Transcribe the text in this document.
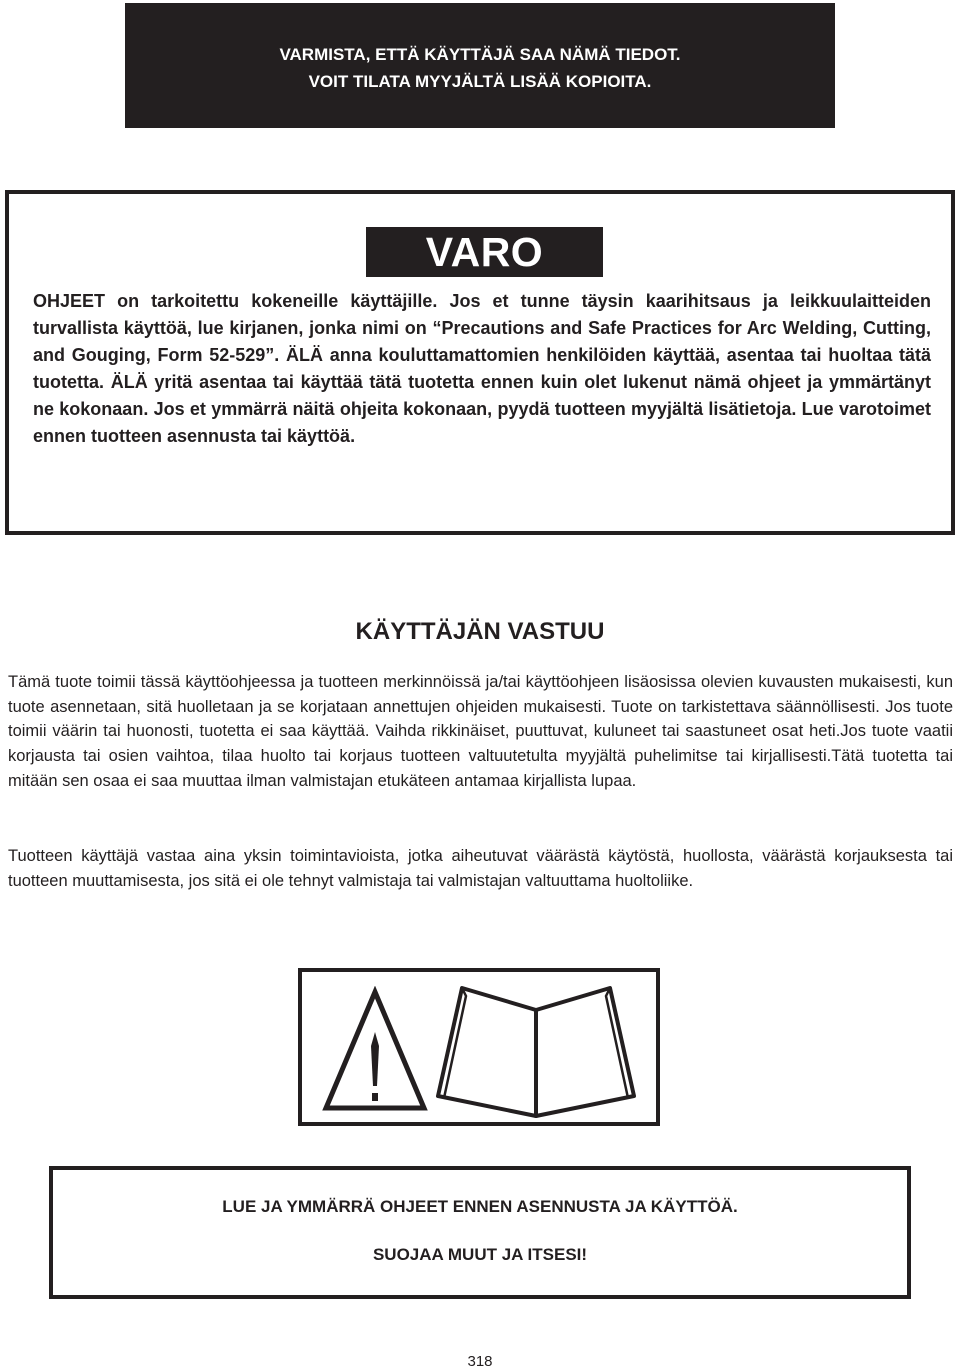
VARMISTA, ETTÄ KÄYTTÄJÄ SAA NÄMÄ TIEDOT.
VOIT TILATA MYYJÄLTÄ LISÄÄ KOPIOITA.
VARO

OHJEET on tarkoitettu kokeneille käyttäjille. Jos et tunne täysin kaarihitsaus ja leikkuulaitteiden turvallista käyttöä, lue kirjanen, jonka nimi on “Precautions and Safe Practices for Arc Welding, Cutting, and Gouging, Form 52-529”. ÄLÄ anna kouluttamattomien henkilöiden käyttää, asentaa tai huoltaa tätä tuotetta. ÄLÄ yritä asentaa tai käyttää tätä tuotetta ennen kuin olet lukenut nämä ohjeet ja ymmärtänyt ne kokonaan. Jos et ymmärrä näitä ohjeita kokonaan, pyydä tuotteen myyjältä lisätietoja. Lue varotoimet ennen tuotteen asennusta tai käyttöä.

KÄYTTÄJÄN VASTUU

Tämä tuote toimii tässä käyttöohjeessa ja tuotteen merkinnöissä ja/tai käyttöohjeen lisäosissa olevien kuvausten mukaisesti, kun tuote asennetaan, sitä huolletaan ja se korjataan annettujen ohjeiden mukaisesti. Tuote on tarkistettava säännöllisesti. Jos tuote toimii väärin tai huonosti, tuotetta ei saa käyttää. Vaihda rikkinäiset, puuttuvat, kuluneet tai saastuneet osat heti.Jos tuote vaatii korjausta tai osien vaihtoa, tilaa huolto tai korjaus tuotteen valtuutetulta myyjältä puhelimitse tai kirjallisesti.Tätä tuotetta tai mitään sen osaa ei saa muuttaa ilman valmistajan etukäteen antamaa kirjallista lupaa.

Tuotteen käyttäjä vastaa aina yksin toimintavioista, jotka aiheutuvat väärästä käytöstä, huollosta, väärästä korjauksesta tai tuotteen muuttamisesta, jos sitä ei ole tehnyt valmistaja tai valmistajan valtuuttama huoltoliike.

LUE JA YMMÄRRÄ OHJEET ENNEN ASENNUSTA JA KÄYTTÖÄ.
SUOJAA MUUT JA ITSESI!
318
